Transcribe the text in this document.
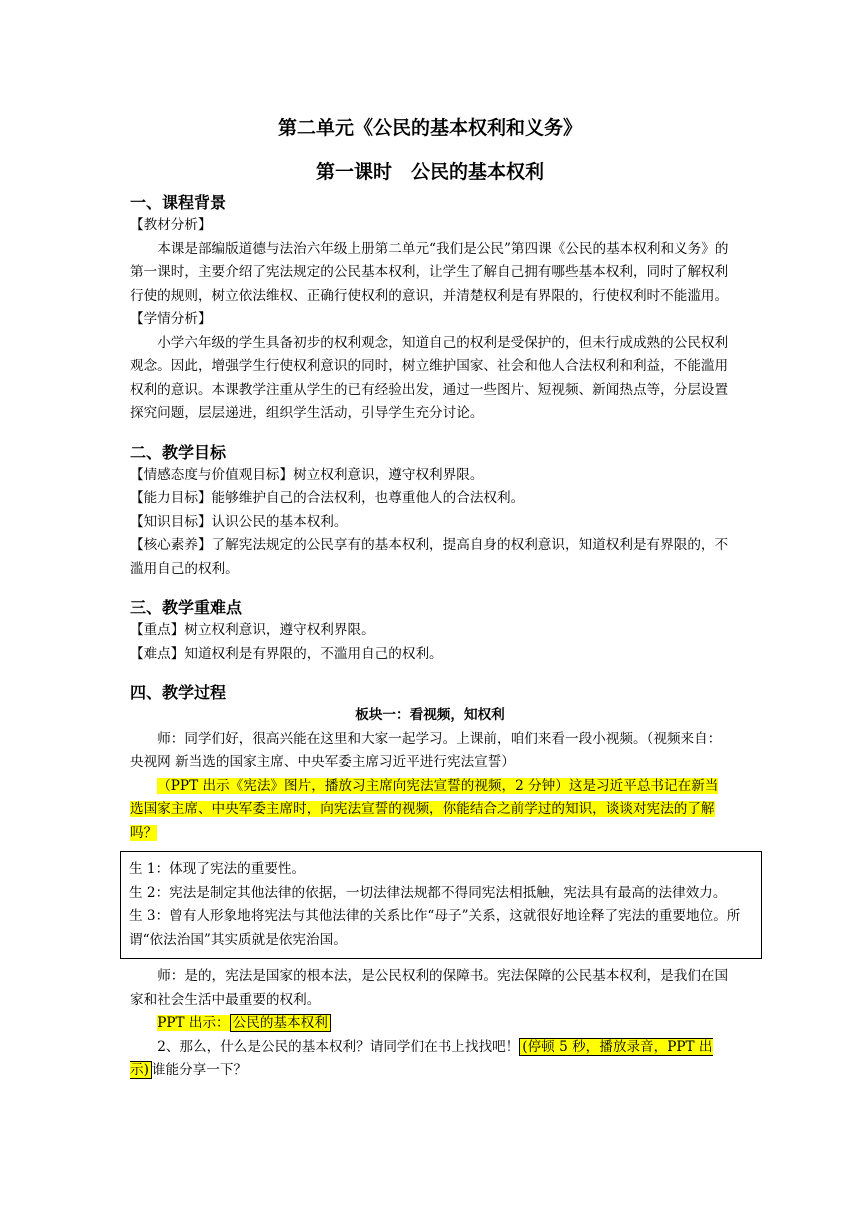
第二单元《公民的基本权利和义务》
第一课时　公民的基本权利
一、课程背景

【教材分析】

本课是部编版道德与法治六年级上册第二单元“我们是公民”第四课《公民的基本权利和义务》的第一课时，主要介绍了宪法规定的公民基本权利，让学生了解自己拥有哪些基本权利，同时了解权利行使的规则，树立依法维权、正确行使权利的意识，并清楚权利是有界限的，行使权利时不能滥用。

【学情分析】

小学六年级的学生具备初步的权利观念，知道自己的权利是受保护的，但未行成成熟的公民权利观念。因此，增强学生行使权利意识的同时，树立维护国家、社会和他人合法权利和利益，不能滥用权利的意识。本课教学注重从学生的已有经验出发，通过一些图片、短视频、新闻热点等，分层设置探究问题，层层递进，组织学生活动，引导学生充分讨论。

二、教学目标

【情感态度与价值观目标】树立权利意识，遵守权利界限。

【能力目标】能够维护自己的合法权利，也尊重他人的合法权利。

【知识目标】认识公民的基本权利。

【核心素养】了解宪法规定的公民享有的基本权利，提高自身的权利意识，知道权利是有界限的，不滥用自己的权利。

三、教学重难点

【重点】树立权利意识，遵守权利界限。

【难点】知道权利是有界限的，不滥用自己的权利。

四、教学过程

板块一：看视频，知权利

师：同学们好，很高兴能在这里和大家一起学习。上课前，咱们来看一段小视频。（视频来自：央视网 新当选的国家主席、中央军委主席习近平进行宪法宣誓）

（PPT 出示《宪法》图片，播放习主席向宪法宣誓的视频，2 分钟）这是习近平总书记在新当选国家主席、中央军委主席时，向宪法宣誓的视频，你能结合之前学过的知识，谈谈对宪法的了解吗？

生 1：体现了宪法的重要性。

生 2：宪法是制定其他法律的依据，一切法律法规都不得同宪法相抵触，宪法具有最高的法律效力。

生 3：曾有人形象地将宪法与其他法律的关系比作“母子”关系，这就很好地诠释了宪法的重要地位。所谓“依法治国”其实质就是依宪治国。

师：是的，宪法是国家的根本法，是公民权利的保障书。宪法保障的公民基本权利，是我们在国家和社会生活中最重要的权利。

PPT 出示： 公民的基本权利

2、那么，什么是公民的基本权利？请同学们在书上找找吧！ (停顿 5 秒，播放录音，PPT 出示) 谁能分享一下？
